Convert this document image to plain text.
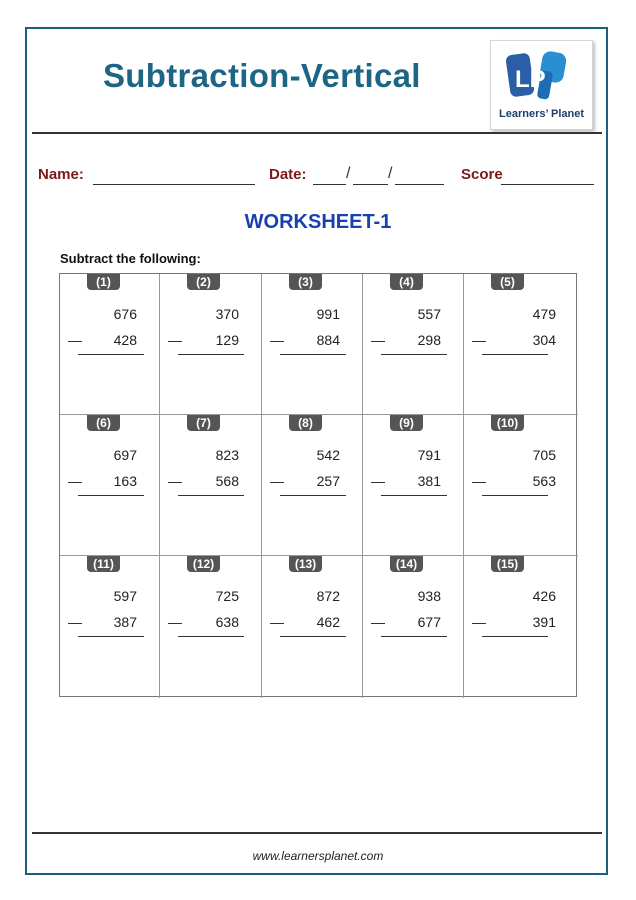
Subtraction-Vertical	LP
Learners’ Planet
Name:	Date: / /	Score
WORKSHEET-1
Subtract the following:
(1)
676
— 428
(2)
370
— 129
(3)
991
— 884
(4)
557
— 298
(5)
479
—	304
(6)
697
— 163
(7)
823
— 568
(8)
542
— 257
(9)
791
— 381
(10)
705
—	563
(11)
597
— 387
(12)
725
— 638
(13)
872
— 462
(14)
938
— 677
(15)
426
—	391
www.learnersplanet.com
